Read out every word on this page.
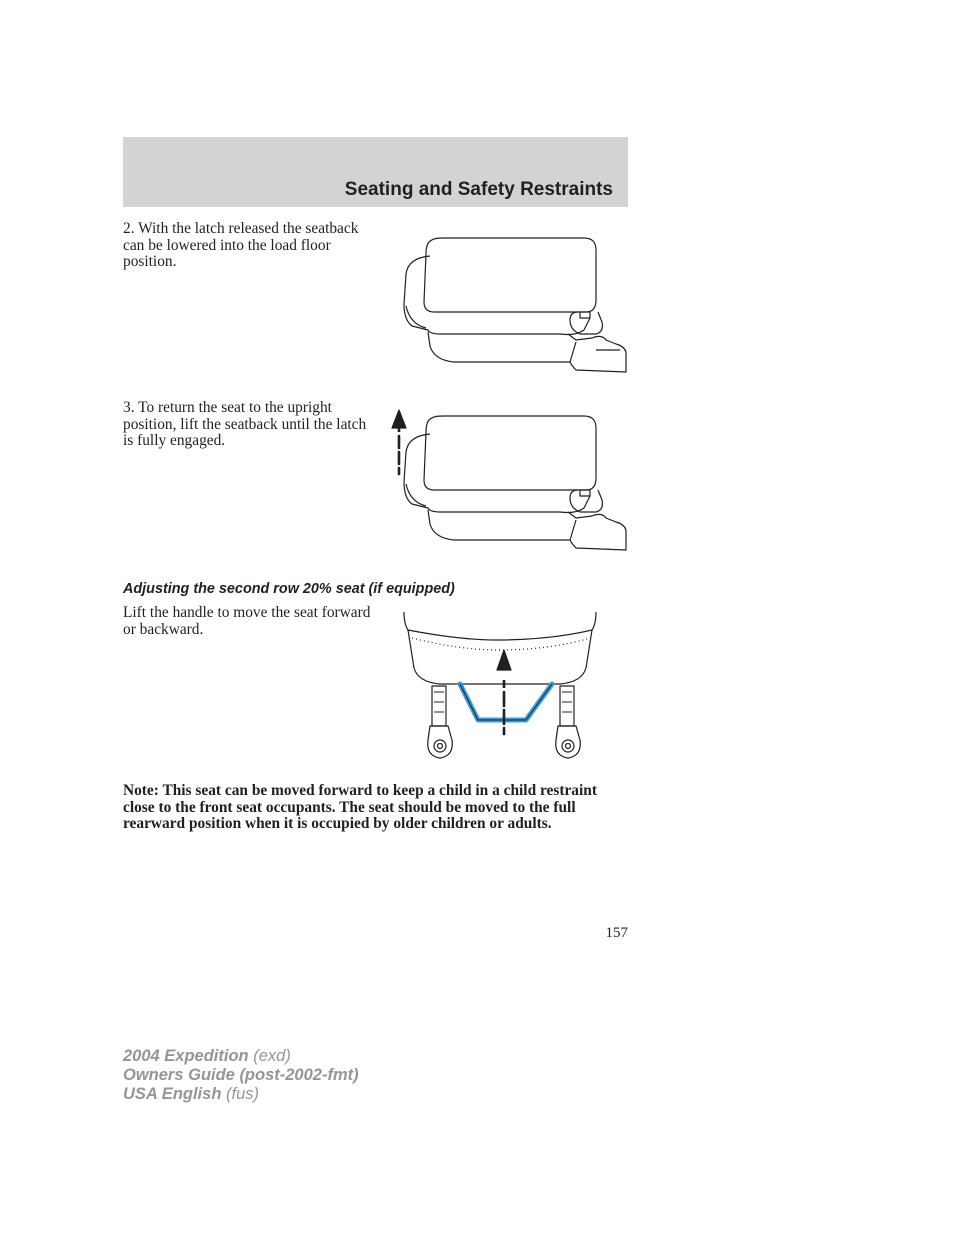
Seating and Safety Restraints

2. With the latch released the seatback can be lowered into the load floor position.

3. To return the seat to the upright position, lift the seatback until the latch is fully engaged.

Adjusting the second row 20% seat (if equipped)

Lift the handle to move the seat forward or backward.

Note: This seat can be moved forward to keep a child in a child restraint close to the front seat occupants. The seat should be moved to the full rearward position when it is occupied by older children or adults.

157
2004 Expedition (exd)
Owners Guide (post-2002-fmt)
USA English (fus)
